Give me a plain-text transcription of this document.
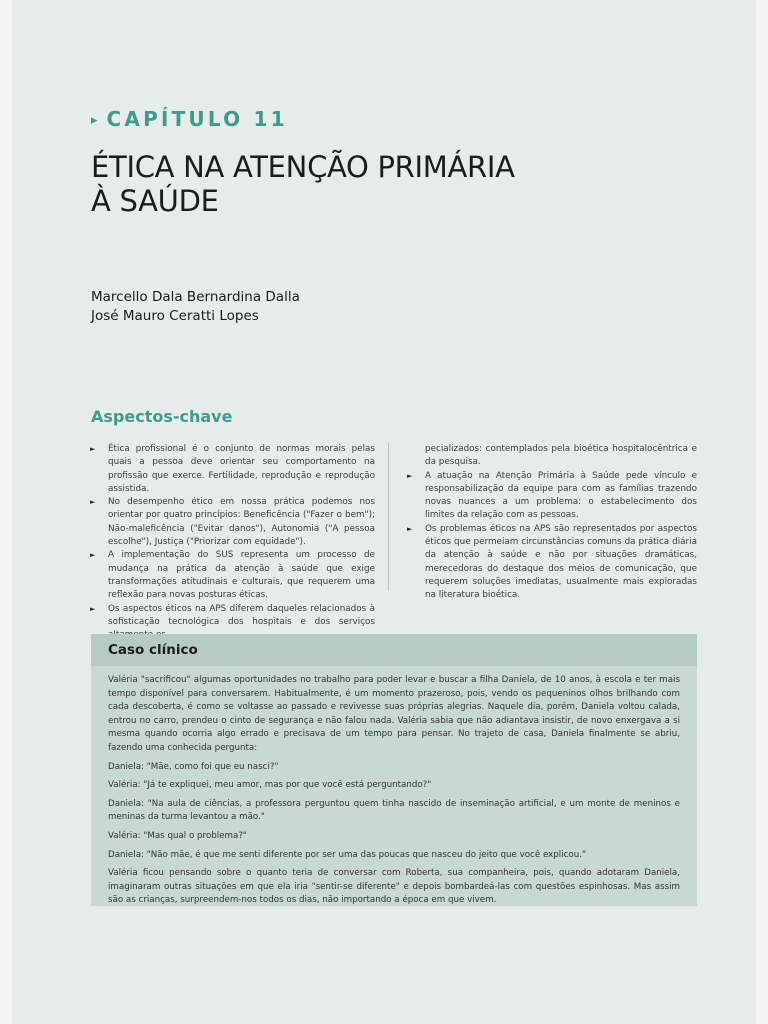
▸ CAPÍTULO 11
ÉTICA NA ATENÇÃO PRIMÁRIA
À SAÚDE
Marcello Dala Bernardina Dalla
José Mauro Ceratti Lopes
Aspectos-chave
► Ética profissional é o conjunto de normas morais pelas quais a pessoa deve orientar seu comportamento na profissão que exerce. Fertilidade, reprodução e reprodução assistida.
► No desempenho ético em nossa prática podemos nos orientar por quatro princípios: Beneficência ("Fazer o bem"); Não-maleficência ("Evitar danos"), Autonomia ("A pessoa escolhe"), Justiça ("Priorizar com equidade").
► A implementação do SUS representa um processo de mudança na prática da atenção à saúde que exige transformações atitudinais e culturais, que requerem uma reflexão para novas posturas éticas.
► Os aspectos éticos na APS diferem daqueles relacionados à sofisticação tecnológica dos hospitais e dos serviços

pecializados: contemplados pela bioética hospitalocêntrica e da pesquisa.

► A atuação na Atenção Primária à Saúde pede vínculo e responsabilização da equipe para com as famílias trazendo novas nuances a um problema: o estabelecimento dos limites da relação com as pessoas.
► Os problemas éticos na APS são representados por aspectos éticos que permeiam circunstâncias comuns da prática diária da atenção à saúde e não por situações dramáticas, merecedoras do destaque dos meios de comunicação, que requerem soluções imediatas, usualmente mais exploradas na literatura bioética.
Caso clínico

Valéria "sacrificou" algumas oportunidades no trabalho para poder levar e buscar a filha Daniela, de 10 anos, à escola e ter mais tempo disponível para conversarem. Habitualmente, é um momento prazeroso, pois, vendo os pequeninos olhos brilhando com cada descoberta, é como se voltasse ao passado e revivesse suas próprias alegrias. Naquele dia, porém, Daniela voltou calada, entrou no carro, prendeu o cinto de segurança e não falou nada. Valéria sabia que não adiantava insistir, de novo enxergava a si mesma quando ocorria algo errado e precisava de um tempo para pensar. No trajeto de casa, Daniela finalmente se abriu, fazendo uma conhecida pergunta:

Daniela: "Mãe, como foi que eu nasci?"

Valéria: "Já te expliquei, meu amor, mas por que você está perguntando?"

Daniela: "Na aula de ciências, a professora perguntou quem tinha nascido de inseminação artificial, e um monte de meninos e meninas da turma levantou a mão."

Valéria: "Mas qual o problema?"

Daniela: "Não mãe, é que me senti diferente por ser uma das poucas que nasceu do jeito que você explicou."

Valéria ficou pensando sobre o quanto teria de conversar com Roberta, sua companheira, pois, quando adotaram Daniela, imaginaram outras situações em que ela iria "sentir-se diferente" e depois bombardeá-las com questões espinhosas. Mas assim são as crianças, surpreendem-nos todos os dias, não importando a época em que vivem.
